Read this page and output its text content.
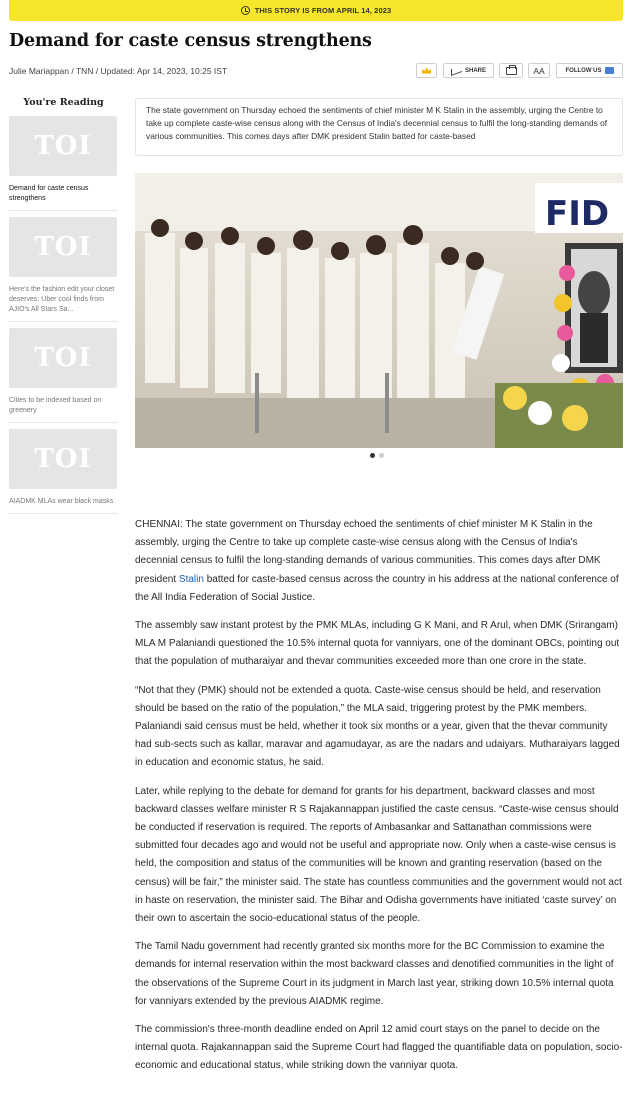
THIS STORY IS FROM APRIL 14, 2023
Demand for caste census strengthens
Julie Mariappan / TNN / Updated: Apr 14, 2023, 10:25 IST	SHARE	AA	FOLLOW US
You're Reading
TOI

Demand for caste census strengthens

TOI

Here's the fashion edit your closet deserves: Uber cool finds from AJIO's All Stars Sa...

TOI

Cities to be indexed based on greenery

TOI

AIADMK MLAs wear black masks

The state government on Thursday echoed the sentiments of chief minister M K Stalin in the assembly, urging the Centre to take up complete caste-wise census along with the Census of India's decennial census to fulfil the long-standing demands of various communities. This comes days after DMK president Stalin batted for caste-based

FID

CHENNAI: The state government on Thursday echoed the sentiments of chief minister M K Stalin in the assembly, urging the Centre to take up complete caste-wise census along with the Census of India's decennial census to fulfil the long-standing demands of various communities. This comes days after DMK president Stalin batted for caste-based census across the country in his address at the national conference of the All India Federation of Social Justice.

The assembly saw instant protest by the PMK MLAs, including G K Mani, and R Arul, when DMK (Srirangam) MLA M Palaniandi questioned the 10.5% internal quota for vanniyars, one of the dominant OBCs, pointing out that the population of mutharaiyar and thevar communities exceeded more than one crore in the state.

“Not that they (PMK) should not be extended a quota. Caste-wise census should be held, and reservation should be based on the ratio of the population,” the MLA said, triggering protest by the PMK members. Palaniandi said census must be held, whether it took six months or a year, given that the thevar community had sub-sects such as kallar, maravar and agamudayar, as are the nadars and udaiyars. Mutharaiyars lagged in education and economic status, he said.

Later, while replying to the debate for demand for grants for his department, backward classes and most backward classes welfare minister R S Rajakannappan justified the caste census. “Caste-wise census should be conducted if reservation is required. The reports of Ambasankar and Sattanathan commissions were submitted four decades ago and would not be useful and appropriate now. Only when a caste-wise census is held, the composition and status of the communities will be known and granting reservation (based on the census) will be fair,” the minister said. The state has countless communities and the government would not act in haste on reservation, the minister said. The Bihar and Odisha governments have initiated ‘caste survey’ on their own to ascertain the socio-educational status of the people.

The Tamil Nadu government had recently granted six months more for the BC Commission to examine the demands for internal reservation within the most backward classes and denotified communities in the light of the observations of the Supreme Court in its judgment in March last year, striking down 10.5% internal quota for vanniyars extended by the previous AIADMK regime.

The commission's three-month deadline ended on April 12 amid court stays on the panel to decide on the internal quota. Rajakannappan said the Supreme Court had flagged the quantifiable data on population, socio-economic and educational status, while striking down the vanniyar quota.
